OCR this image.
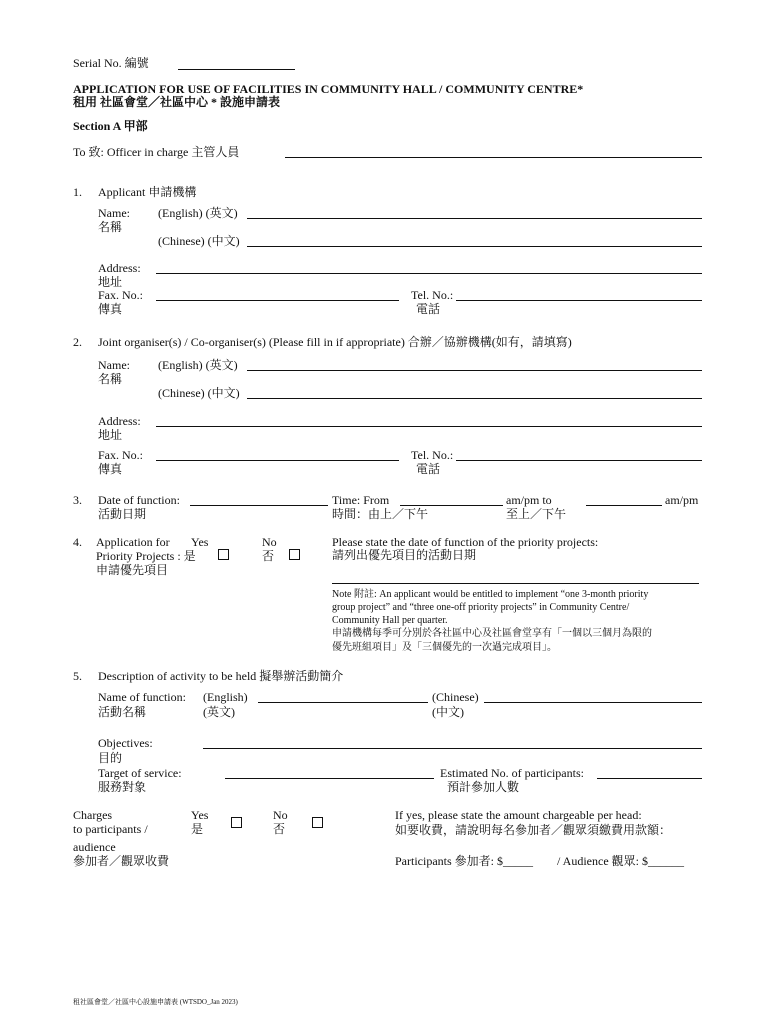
Serial No. 編號
APPLICATION FOR USE OF FACILITIES IN COMMUNITY HALL / COMMUNITY CENTRE*
租用 社區會堂／社區中心 * 設施申請表
Section A 甲部
To 致: Officer in charge 主管人員
1. Applicant 申請機構
Name:
名稱
(English) (英文)
(Chinese) (中文)
Address:
地址
Fax. No.:
傳真
Tel. No.:
電話
2. Joint organiser(s) / Co-organiser(s) (Please fill in if appropriate) 合辦／協辦機構(如有，請填寫)
Name:
名稱
(English) (英文)
(Chinese) (中文)
Address:
地址
Fax. No.:
傳真
Tel. No.:
電話
3. Date of function:
活動日期
Time: From
時間：由上／下午
am/pm to
至上／下午
am/pm
4. Application for
Priority Projects : 是
申請優先項目
Yes	No
否
Please state the date of function of the priority projects:
請列出優先項目的活動日期
Note 附註: An applicant would be entitled to implement “one 3-month priority
group project” and “three one-off priority projects” in Community Centre/
Community Hall per quarter.
申請機構每季可分別於各社區中心及社區會堂享有「一個以三個月為限的
優先班組項目」及「三個優先的一次過完成項目」。
5. Description of activity to be held 擬舉辦活動簡介
Name of function:
活動名稱
(English)
(英文)
(Chinese)
(中文)
Objectives:
目的
Target of service:
服務對象
Estimated No. of participants:
預計參加人數
Charges
to participants /
audience
參加者／觀眾收費
Yes
是
No
否
If yes, please state the amount chargeable per head:
如要收費，請說明每名參加者／觀眾須繳費用款額：
Participants 參加者: $_____ / Audience 觀眾: $______
租社區會堂／社區中心設施申請表 (WTSDO_Jan 2023)
